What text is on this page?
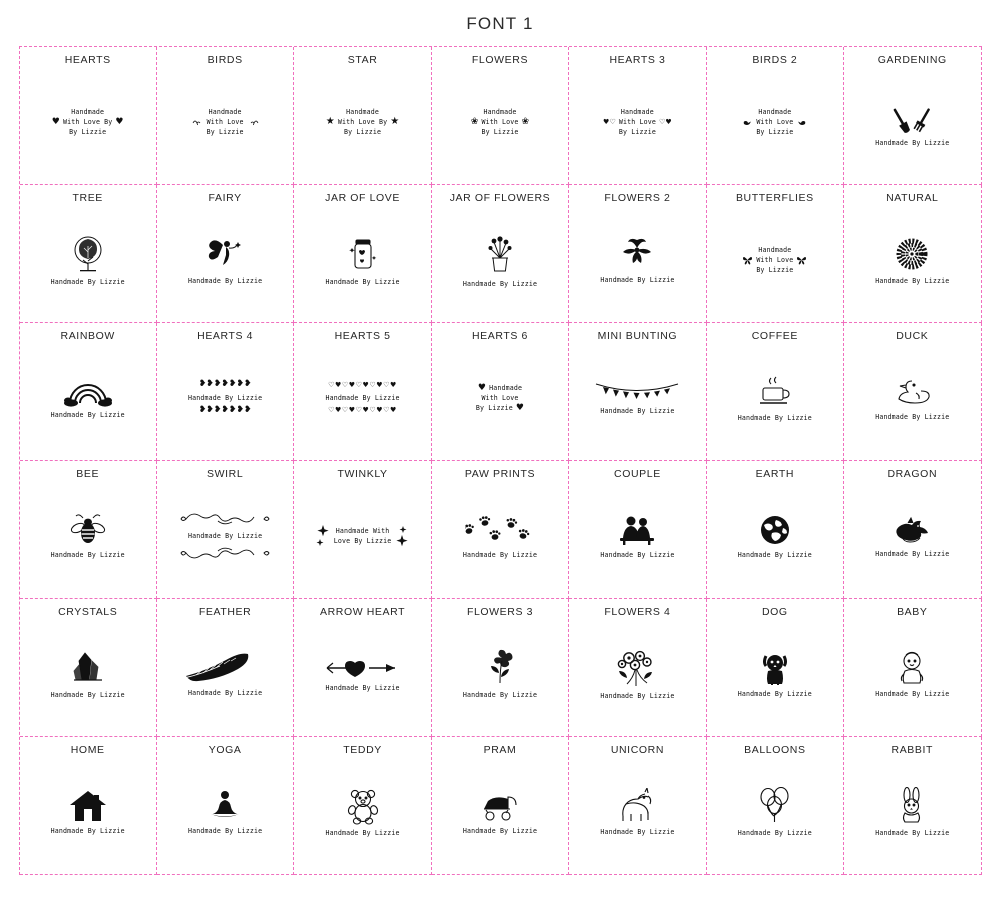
FONT 1
HEARTS
Handmade
♥ With Love By ♥
By Lizzie
BIRDS
Handmade
With Love
By Lizzie
STAR
Handmade
★ With Love By ★
By Lizzie
FLOWERS
Handmade
❀ With Love ❀
By Lizzie
HEARTS 3
Handmade
♥♡ With Love ♡♥
By Lizzie
BIRDS 2
Handmade
With Love
By Lizzie
GARDENING
Handmade By Lizzie
TREE
Handmade By Lizzie
FAIRY
Handmade By Lizzie
JAR OF LOVE
Handmade By Lizzie
JAR OF FLOWERS
Handmade By Lizzie
FLOWERS 2
Handmade By Lizzie
BUTTERFLIES
Handmade
With Love
By Lizzie
NATURAL
Handmade By Lizzie
RAINBOW
Handmade By Lizzie
HEARTS 4
❥❥❥❥❥❥❥
Handmade By Lizzie
❥❥❥❥❥❥❥
HEARTS 5
♡♥♡♥♡♥♡♥♡♥
Handmade By Lizzie
♡♥♡♥♡♥♡♥♡♥
HEARTS 6
♥ Handmade
With Love
By Lizzie ♥
MINI BUNTING
Handmade By Lizzie
COFFEE
Handmade By Lizzie
DUCK
Handmade By Lizzie
BEE
Handmade By Lizzie
SWIRL
Handmade By Lizzie
TWINKLY
Handmade With
Love By Lizzie
PAW PRINTS
Handmade By Lizzie
COUPLE
Handmade By Lizzie
EARTH
Handmade By Lizzie
DRAGON
Handmade By Lizzie
CRYSTALS
Handmade By Lizzie
FEATHER
Handmade By Lizzie
ARROW HEART
Handmade By Lizzie
FLOWERS 3
Handmade By Lizzie
FLOWERS 4
Handmade By Lizzie
DOG
Handmade By Lizzie
BABY
Handmade By Lizzie
HOME
Handmade By Lizzie
YOGA
Handmade By Lizzie
TEDDY
Handmade By Lizzie
PRAM
Handmade By Lizzie
UNICORN
Handmade By Lizzie
BALLOONS
Handmade By Lizzie
RABBIT
Handmade By Lizzie
